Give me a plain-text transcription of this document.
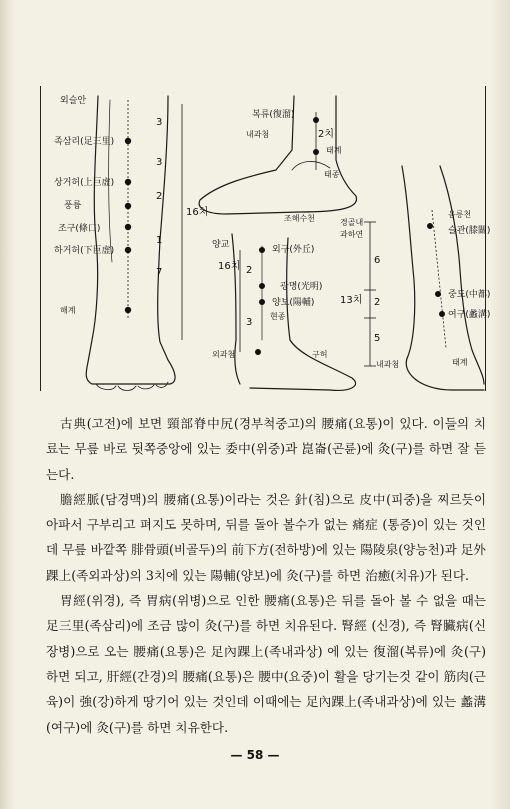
외슬안
족삼리(足三里)
상거허(上巨虚)
풍륭
조구(條口)
하거허(下巨虚)
해계
3
3
2
1
7
16치
복류(復溜)
내과첨
태계
태종
조해수천
2치
양교	외구(外丘)
광명(光明)
양보(陽輔)
현종
외과첨	구허
16치 2
3
경골내
과하연
내과첨
6
13치 2
5
음릉천
슬관(膝關)
중도(中都)
여구(蠡溝)
태계
古典(고전)에 보면 頸部脊中尻(경부척중고)의 腰痛(요통)이 있다. 이들의 치료는 무릎 바로 뒷쪽중앙에 있는 委中(위중)과 崑崙(곤륜)에 灸(구)를 하면 잘 듣는다.
膽經脈(담경맥)의 腰痛(요통)이라는 것은 針(침)으로 皮中(피중)을 찌르듯이 아파서 구부리고 펴지도 못하며, 뒤를 돌아 볼수가 없는 痛症 (통증)이 있는 것인데 무릎 바깥쪽 腓骨頭(비골두)의 前下方(전하방)에 있는 陽陵泉(양능천)과 足外踝上(족외과상)의 3치에 있는 陽輔(양보)에 灸(구)를 하면 治癒(치유)가 된다.
胃經(위경), 즉 胃病(위병)으로 인한 腰痛(요통)은 뒤를 돌아 볼 수 없을 때는 足三里(족삼리)에 조금 많이 灸(구)를 하면 치유된다. 腎經 (신경), 즉 腎臟病(신장병)으로 오는 腰痛(요통)은 足內踝上(족내과상) 에 있는 復溜(복류)에 灸(구)하면 되고, 肝經(간경)의 腰痛(요통)은 腰中(요중)이 활을 당기는것 같이 筋肉(근육)이 強(강)하게 땅기어 있는 것인데 이때에는 足內踝上(족내과상)에 있는 蠡溝(여구)에 灸(구)를 하면 치유한다.
— 58 —
